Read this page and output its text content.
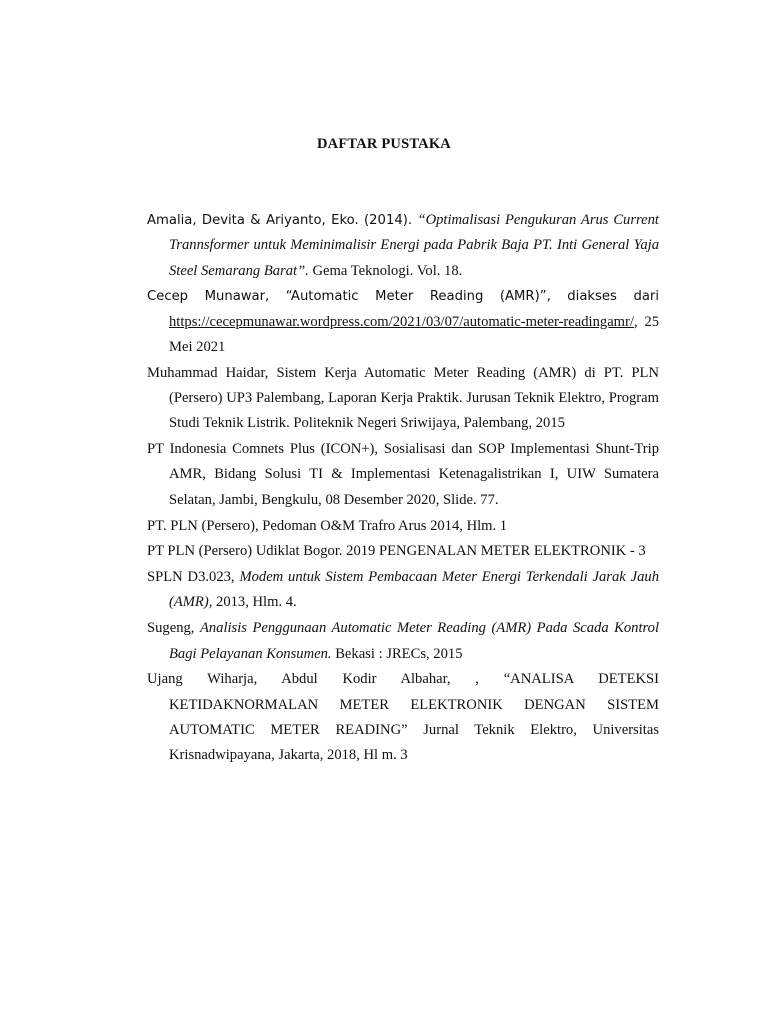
DAFTAR PUSTAKA

Amalia, Devita & Ariyanto, Eko. (2014). “Optimalisasi Pengukuran Arus Current Trannsformer untuk Meminimalisir Energi pada Pabrik Baja PT. Inti General Yaja Steel Semarang Barat”. Gema Teknologi. Vol. 18.

Cecep Munawar, “Automatic Meter Reading (AMR)”, diakses dari https://cecepmunawar.wordpress.com/2021/03/07/automatic-meter-readingamr/, 25 Mei 2021

Muhammad Haidar, Sistem Kerja Automatic Meter Reading (AMR) di PT. PLN (Persero) UP3 Palembang, Laporan Kerja Praktik. Jurusan Teknik Elektro, Program Studi Teknik Listrik. Politeknik Negeri Sriwijaya, Palembang, 2015

PT Indonesia Comnets Plus (ICON+), Sosialisasi dan SOP Implementasi Shunt-Trip AMR, Bidang Solusi TI & Implementasi Ketenagalistrikan I, UIW Sumatera Selatan, Jambi, Bengkulu, 08 Desember 2020, Slide. 77.

PT. PLN (Persero), Pedoman O&M Trafro Arus 2014, Hlm. 1

PT PLN (Persero) Udiklat Bogor. 2019 PENGENALAN METER ELEKTRONIK - 3

SPLN D3.023, Modem untuk Sistem Pembacaan Meter Energi Terkendali Jarak Jauh (AMR), 2013, Hlm. 4.

Sugeng, Analisis Penggunaan Automatic Meter Reading (AMR) Pada Scada Kontrol Bagi Pelayanan Konsumen. Bekasi : JRECs, 2015

Ujang Wiharja, Abdul Kodir Albahar, , “ANALISA DETEKSI KETIDAKNORMALAN METER ELEKTRONIK DENGAN SISTEM AUTOMATIC METER READING” Jurnal Teknik Elektro, Universitas Krisnadwipayana, Jakarta, 2018, Hl m. 3
